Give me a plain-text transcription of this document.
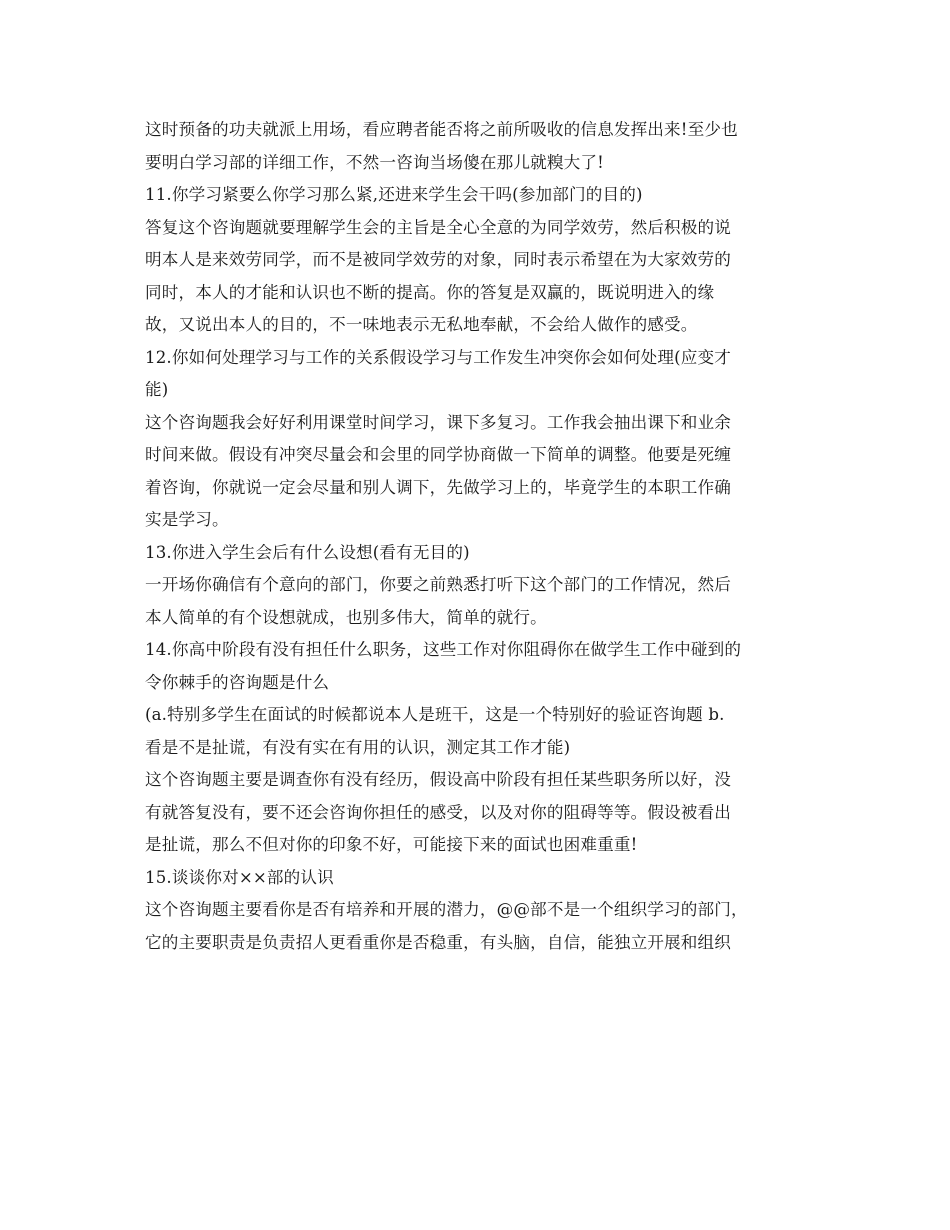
这时预备的功夫就派上用场，看应聘者能否将之前所吸收的信息发挥出来!至少也
要明白学习部的详细工作，不然一咨询当场傻在那儿就糗大了!
11.你学习紧要么你学习那么紧,还进来学生会干吗(参加部门的目的)
答复这个咨询题就要理解学生会的主旨是全心全意的为同学效劳，然后积极的说
明本人是来效劳同学，而不是被同学效劳的对象，同时表示希望在为大家效劳的
同时，本人的才能和认识也不断的提高。你的答复是双赢的，既说明进入的缘
故，又说出本人的目的，不一味地表示无私地奉献，不会给人做作的感受。
12.你如何处理学习与工作的关系假设学习与工作发生冲突你会如何处理(应变才
能)
这个咨询题我会好好利用课堂时间学习，课下多复习。工作我会抽出课下和业余
时间来做。假设有冲突尽量会和会里的同学协商做一下简单的调整。他要是死缠
着咨询，你就说一定会尽量和别人调下，先做学习上的，毕竟学生的本职工作确
实是学习。
13.你进入学生会后有什么设想(看有无目的)
一开场你确信有个意向的部门，你要之前熟悉打听下这个部门的工作情况，然后
本人简单的有个设想就成，也别多伟大，简单的就行。
14.你高中阶段有没有担任什么职务，这些工作对你阻碍你在做学生工作中碰到的
令你棘手的咨询题是什么
(a.特别多学生在面试的时候都说本人是班干，这是一个特别好的验证咨询题 b.
看是不是扯谎，有没有实在有用的认识，测定其工作才能)
这个咨询题主要是调查你有没有经历，假设高中阶段有担任某些职务所以好，没
有就答复没有，要不还会咨询你担任的感受，以及对你的阻碍等等。假设被看出
是扯谎，那么不但对你的印象不好，可能接下来的面试也困难重重!
15.谈谈你对××部的认识
这个咨询题主要看你是否有培养和开展的潜力，@@部不是一个组织学习的部门，
它的主要职责是负责招人更看重你是否稳重，有头脑，自信，能独立开展和组织
